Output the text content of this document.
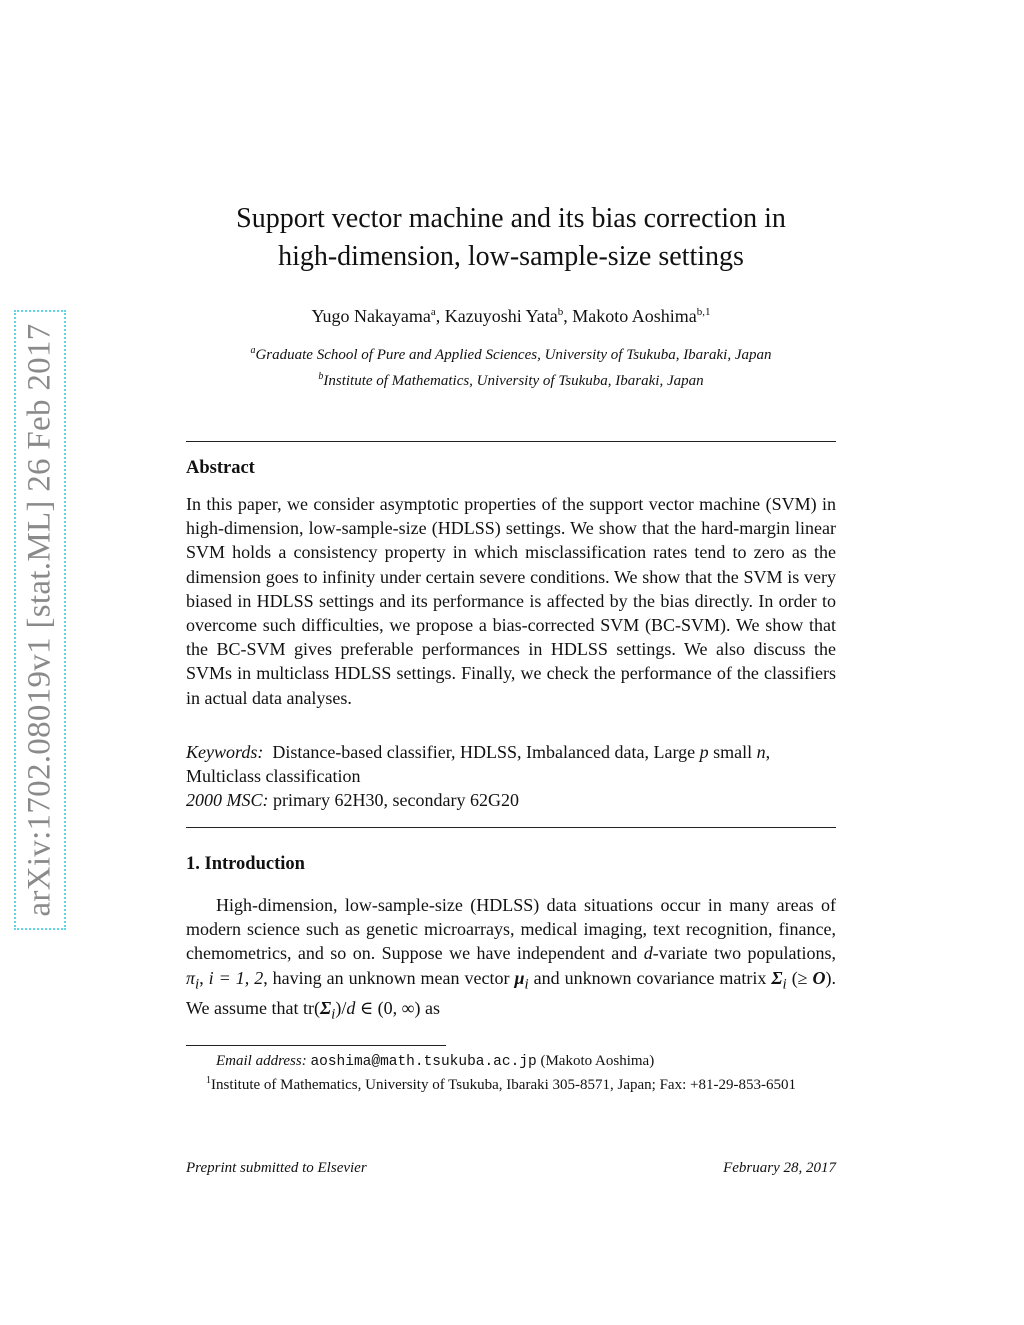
arXiv:1702.08019v1 [stat.ML] 26 Feb 2017
Support vector machine and its bias correction in
high-dimension, low-sample-size settings
Yugo Nakayama$^a$, Kazuyoshi Yata$^b$, Makoto Aoshima$^{b,1}$
$^a$Graduate School of Pure and Applied Sciences, University of Tsukuba, Ibaraki, Japan
$^b$Institute of Mathematics, University of Tsukuba, Ibaraki, Japan
Abstract
In this paper, we consider asymptotic properties of the support vector machine (SVM) in high-dimension, low-sample-size (HDLSS) settings. We show that the hard-margin linear SVM holds a consistency property in which misclassification rates tend to zero as the dimension goes to infinity under certain severe conditions. We show that the SVM is very biased in HDLSS settings and its performance is affected by the bias directly. In order to overcome such difficulties, we propose a bias-corrected SVM (BC-SVM). We show that the BC-SVM gives preferable performances in HDLSS settings. We also discuss the SVMs in multiclass HDLSS settings. Finally, we check the performance of the classifiers in actual data analyses.
Keywords: Distance-based classifier, HDLSS, Imbalanced data, Large p small n, Multiclass classification
2000 MSC: primary 62H30, secondary 62G20
1. Introduction
High-dimension, low-sample-size (HDLSS) data situations occur in many areas of modern science such as genetic microarrays, medical imaging, text recognition, finance, chemometrics, and so on. Suppose we have independent and d-variate two populations, $\pi_i$, i = 1, 2, having an unknown mean vector $\mu_i$ and unknown covariance matrix $\Sigma_i$ (≥ O). We assume that $tr(\Sigma_i)/d$ ∈ (0, ∞) as
Email address: aoshima@math.tsukuba.ac.jp (Makoto Aoshima)
$^1$Institute of Mathematics, University of Tsukuba, Ibaraki 305-8571, Japan; Fax: +81-29-853-6501
Preprint submitted to Elsevier	February 28, 2017
